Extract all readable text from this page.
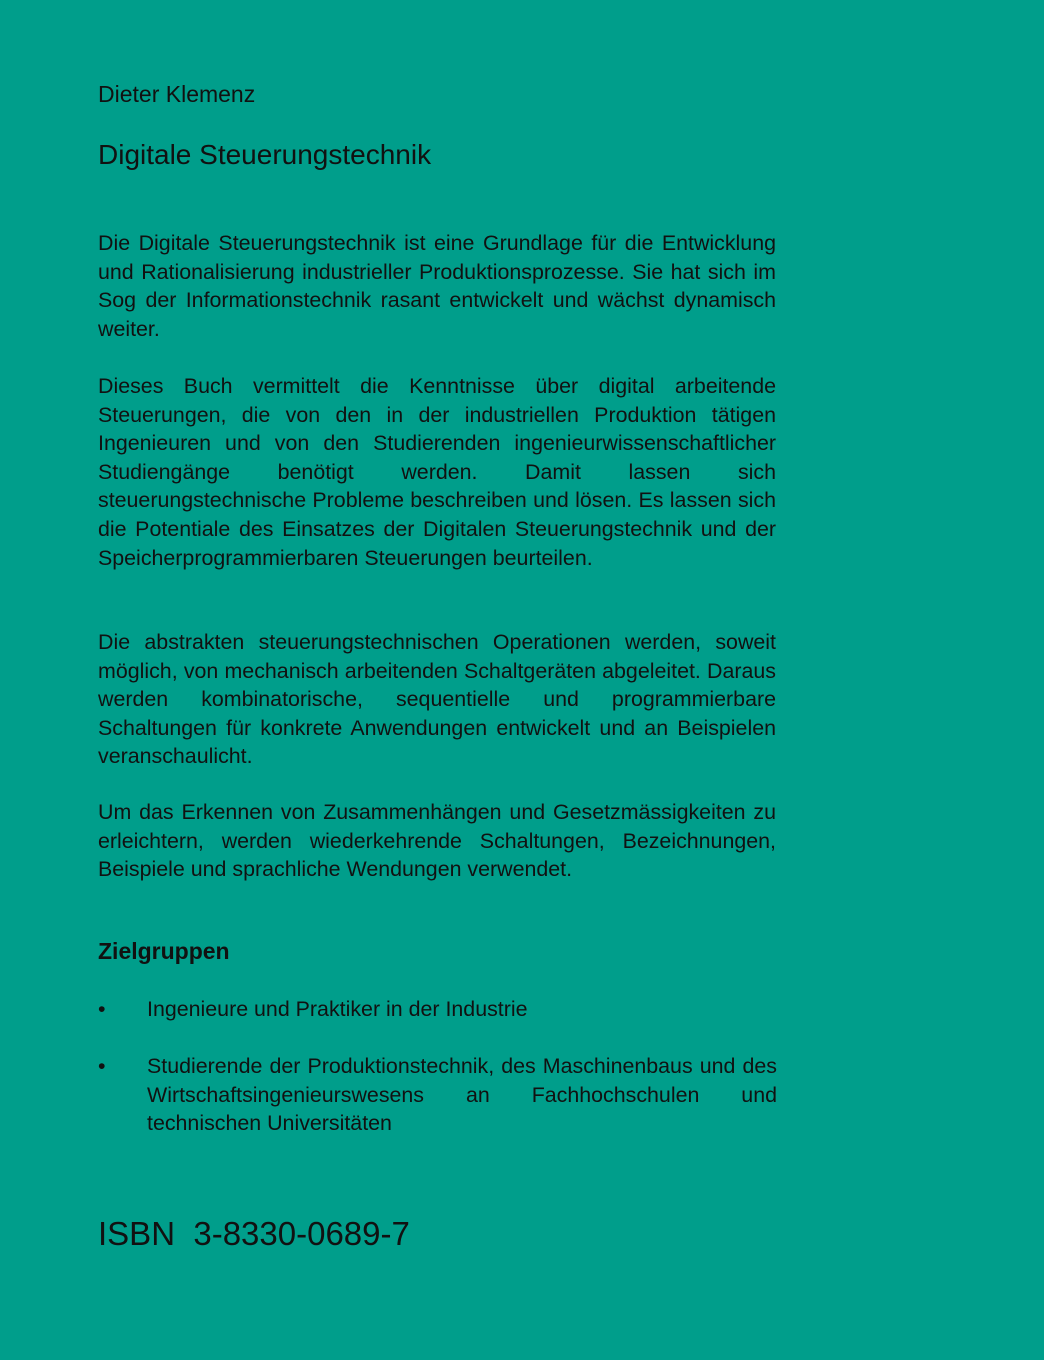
Dieter Klemenz
Digitale Steuerungstechnik

Die Digitale Steuerungstechnik ist eine Grundlage für die Entwicklung und Rationalisierung industrieller Produktionsprozesse. Sie hat sich im Sog der Informationstechnik rasant entwickelt und wächst dynamisch weiter.

Dieses Buch vermittelt die Kenntnisse über digital arbeitende Steuerungen, die von den in der industriellen Produktion tätigen Ingenieuren und von den Studierenden ingenieurwissenschaftlicher Studiengänge benötigt werden. Damit lassen sich steuerungstechnische Probleme beschreiben und lösen. Es lassen sich die Potentiale des Einsatzes der Digitalen Steuerungstechnik und der Speicherprogrammierbaren Steuerungen beurteilen.

Die abstrakten steuerungstechnischen Operationen werden, soweit möglich, von mechanisch arbeitenden Schaltgeräten abgeleitet. Daraus werden kombinatorische, sequentielle und programmierbare Schaltungen für konkrete Anwendungen entwickelt und an Beispielen veranschaulicht.

Um das Erkennen von Zusammenhängen und Gesetzmässigkeiten zu erleichtern, werden wiederkehrende Schaltungen, Bezeichnungen, Beispiele und sprachliche Wendungen verwendet.

Zielgruppen
• Ingenieure und Praktiker in der Industrie
• Studierende der Produktionstechnik, des Maschinenbaus und des Wirtschaftsingenieurswesens an Fachhochschulen und technischen Universitäten
ISBN  3-8330-0689-7
